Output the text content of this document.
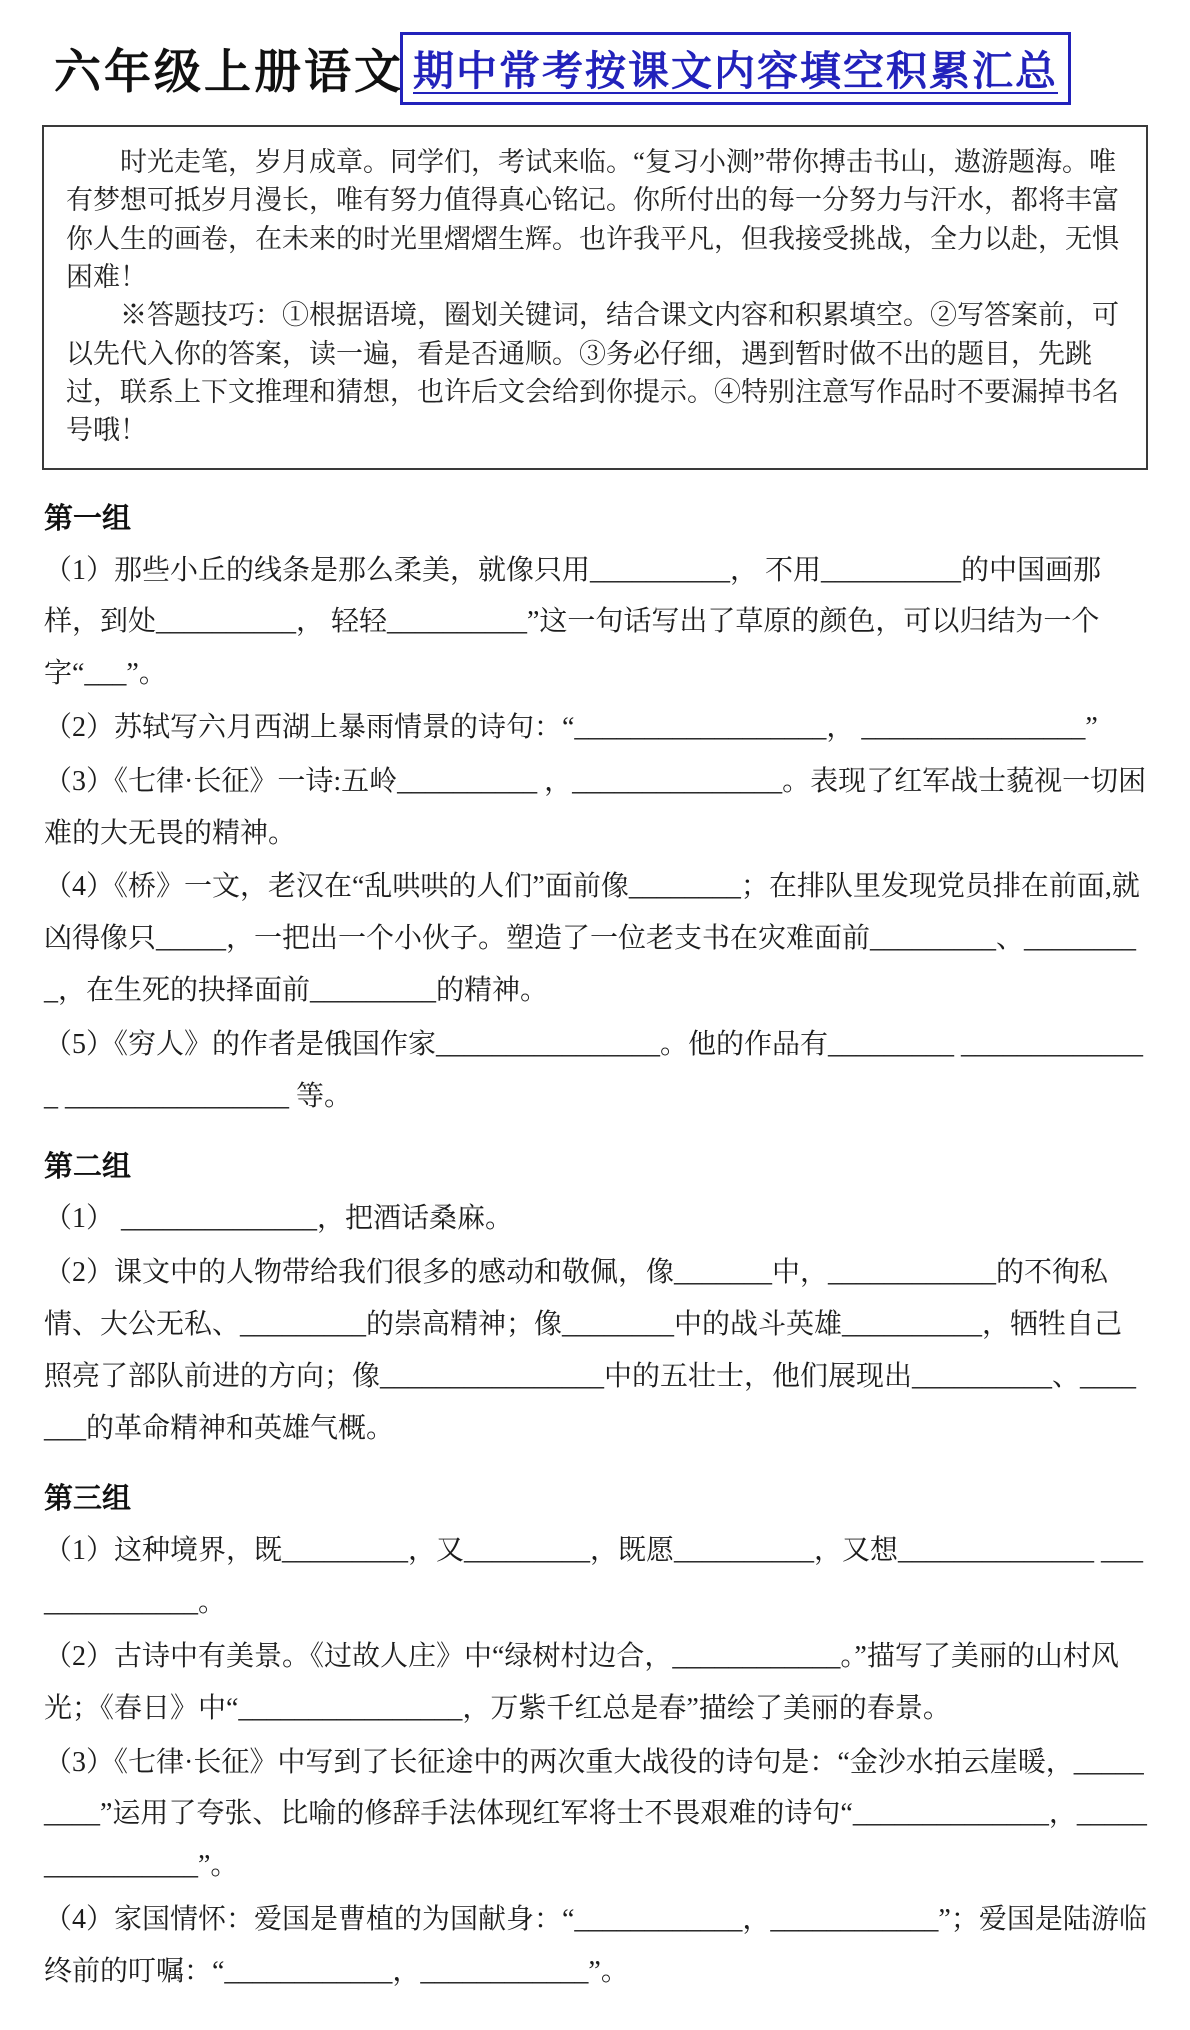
六年级上册语文 期中常考按课文内容填空积累汇总

时光走笔，岁月成章。同学们，考试来临。“复习小测”带你搏击书山，遨游题海。唯有梦想可抵岁月漫长，唯有努力值得真心铭记。你所付出的每一分努力与汗水，都将丰富你人生的画卷，在未来的时光里熠熠生辉。也许我平凡，但我接受挑战，全力以赴，无惧困难！

※答题技巧：①根据语境，圈划关键词，结合课文内容和积累填空。②写答案前，可以先代入你的答案，读一遍，看是否通顺。③务必仔细，遇到暂时做不出的题目，先跳过，联系上下文推理和猜想，也许后文会给到你提示。④特别注意写作品时不要漏掉书名号哦！

第一组

（1）那些小丘的线条是那么柔美，就像只用__________， 不用__________的中国画那样，到处__________， 轻轻__________”这一句话写出了草原的颜色，可以归结为一个字“___”。

（2）苏轼写六月西湖上暴雨情景的诗句：“__________________， ________________”

（3）《七律·长征》一诗:五岭__________ ，_______________。表现了红军战士藐视一切困难的大无畏的精神。

（4）《桥》一文，老汉在“乱哄哄的人们”面前像________；在排队里发现党员排在前面,就凶得像只_____，一把出一个小伙子。塑造了一位老支书在灾难面前_________、_________，在生死的抉择面前_________的精神。

（5）《穷人》的作者是俄国作家________________。他的作品有_________ ______________ ________________ 等。

第二组

（1） ______________，把酒话桑麻。

（2）课文中的人物带给我们很多的感动和敬佩，像_______中，____________的不徇私情、大公无私、_________的崇高精神；像________中的战斗英雄__________，牺牲自己照亮了部队前进的方向；像________________中的五壮士，他们展现出__________、_______的革命精神和英雄气概。

第三组

（1）这种境界，既_________，又_________，既愿__________，又想______________ ______________。

（2）古诗中有美景。《过故人庄》中“绿树村边合，____________。”描写了美丽的山村风光；《春日》中“________________，万紫千红总是春”描绘了美丽的春景。

（3）《七律·长征》中写到了长征途中的两次重大战役的诗句是：“金沙水拍云崖暖，_________”运用了夸张、比喻的修辞手法体现红军将士不畏艰难的诗句“______________，________________”。

（4）家国情怀：爱国是曹植的为国献身：“____________，____________”；爱国是陆游临终前的叮嘱：“____________，____________”。
